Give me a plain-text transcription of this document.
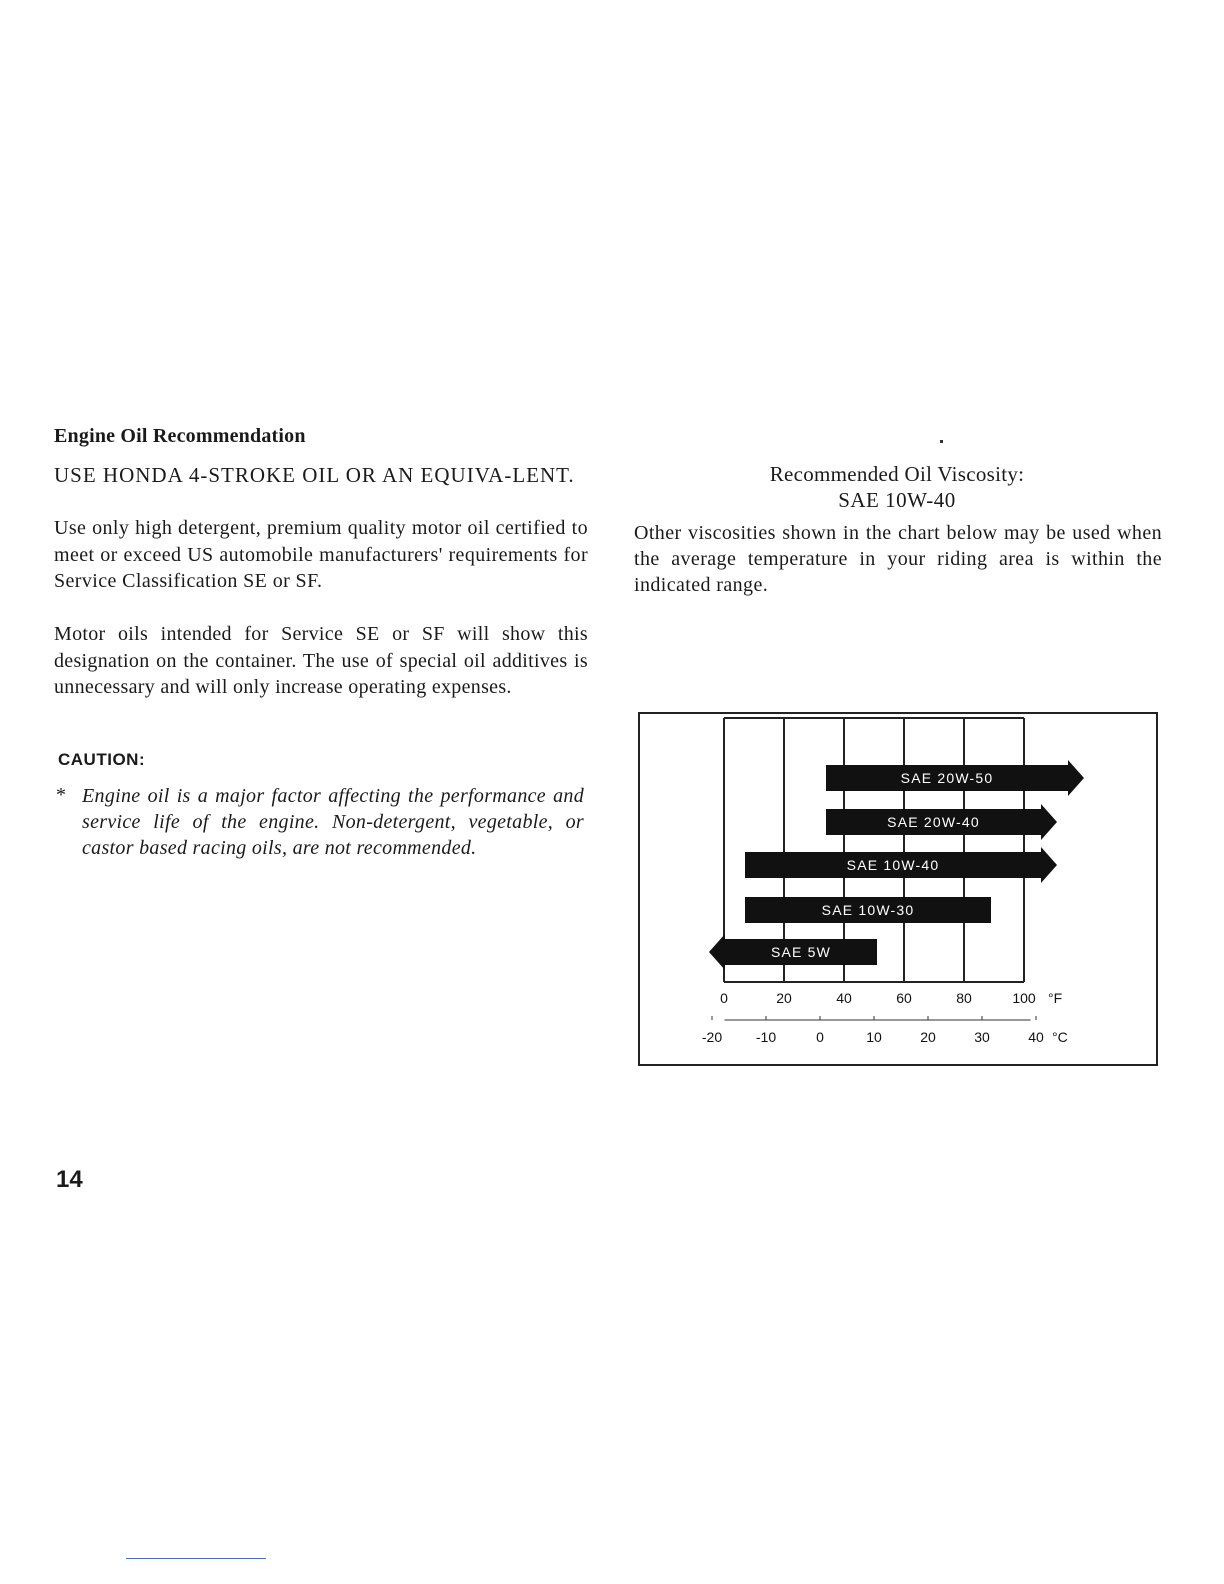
Engine Oil Recommendation
USE HONDA 4-STROKE OIL OR AN EQUIVA-LENT.
Use only high detergent, premium quality motor oil certified to meet or exceed US automobile manufacturers' requirements for Service Classification SE or SF.
Motor oils intended for Service SE or SF will show this designation on the container. The use of special oil additives is unnecessary and will only increase operating expenses.
CAUTION:
* Engine oil is a major factor affecting the performance and service life of the engine. Non-detergent, vegetable, or castor based racing oils, are not recommended.
Recommended Oil Viscosity:
SAE 10W-40
Other viscosities shown in the chart below may be used when the average temperature in your riding area is within the indicated range.
SAE 20W-50
SAE 20W-40
SAE 10W-40
SAE 10W-30
SAE 5W
0	20	40	60	80	100 °F
-20 -10	0	10	20	30	40 °C
14
